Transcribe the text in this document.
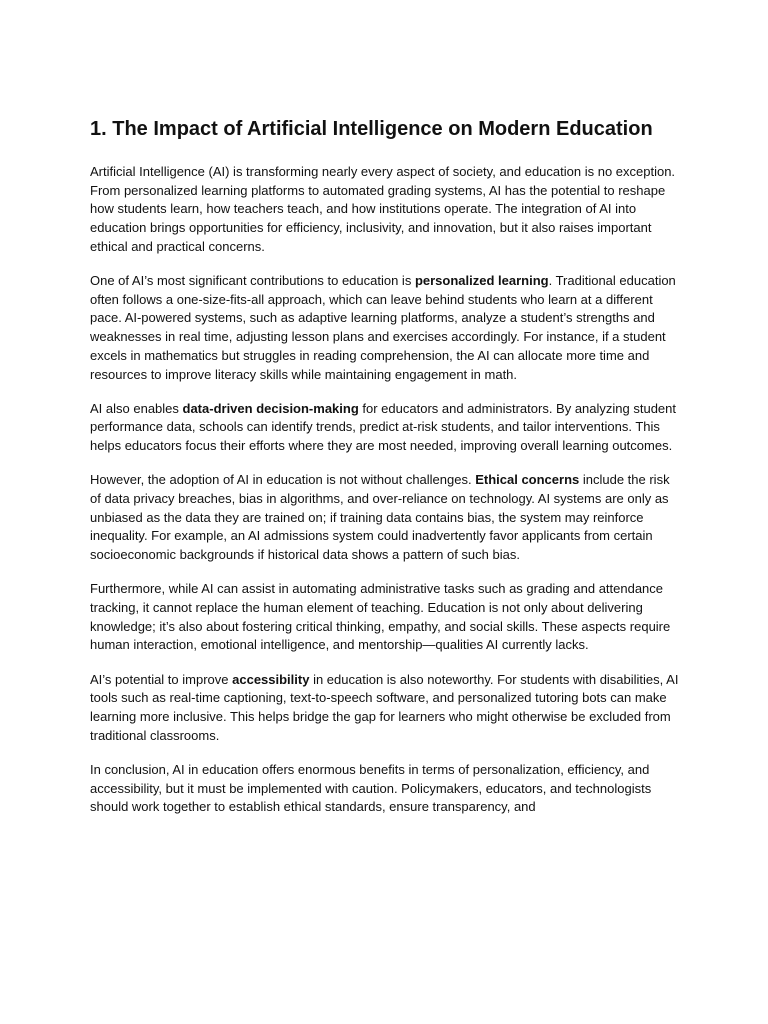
1. The Impact of Artificial Intelligence on Modern Education

Artificial Intelligence (AI) is transforming nearly every aspect of society, and education is no exception. From personalized learning platforms to automated grading systems, AI has the potential to reshape how students learn, how teachers teach, and how institutions operate. The integration of AI into education brings opportunities for efficiency, inclusivity, and innovation, but it also raises important ethical and practical concerns.

One of AI’s most significant contributions to education is personalized learning. Traditional education often follows a one-size-fits-all approach, which can leave behind students who learn at a different pace. AI-powered systems, such as adaptive learning platforms, analyze a student’s strengths and weaknesses in real time, adjusting lesson plans and exercises accordingly. For instance, if a student excels in mathematics but struggles in reading comprehension, the AI can allocate more time and resources to improve literacy skills while maintaining engagement in math.

AI also enables data-driven decision-making for educators and administrators. By analyzing student performance data, schools can identify trends, predict at-risk students, and tailor interventions. This helps educators focus their efforts where they are most needed, improving overall learning outcomes.

However, the adoption of AI in education is not without challenges. Ethical concerns include the risk of data privacy breaches, bias in algorithms, and over-reliance on technology. AI systems are only as unbiased as the data they are trained on; if training data contains bias, the system may reinforce inequality. For example, an AI admissions system could inadvertently favor applicants from certain socioeconomic backgrounds if historical data shows a pattern of such bias.

Furthermore, while AI can assist in automating administrative tasks such as grading and attendance tracking, it cannot replace the human element of teaching. Education is not only about delivering knowledge; it’s also about fostering critical thinking, empathy, and social skills. These aspects require human interaction, emotional intelligence, and mentorship—qualities AI currently lacks.

AI’s potential to improve accessibility in education is also noteworthy. For students with disabilities, AI tools such as real-time captioning, text-to-speech software, and personalized tutoring bots can make learning more inclusive. This helps bridge the gap for learners who might otherwise be excluded from traditional classrooms.

In conclusion, AI in education offers enormous benefits in terms of personalization, efficiency, and accessibility, but it must be implemented with caution. Policymakers, educators, and technologists should work together to establish ethical standards, ensure transparency, and
